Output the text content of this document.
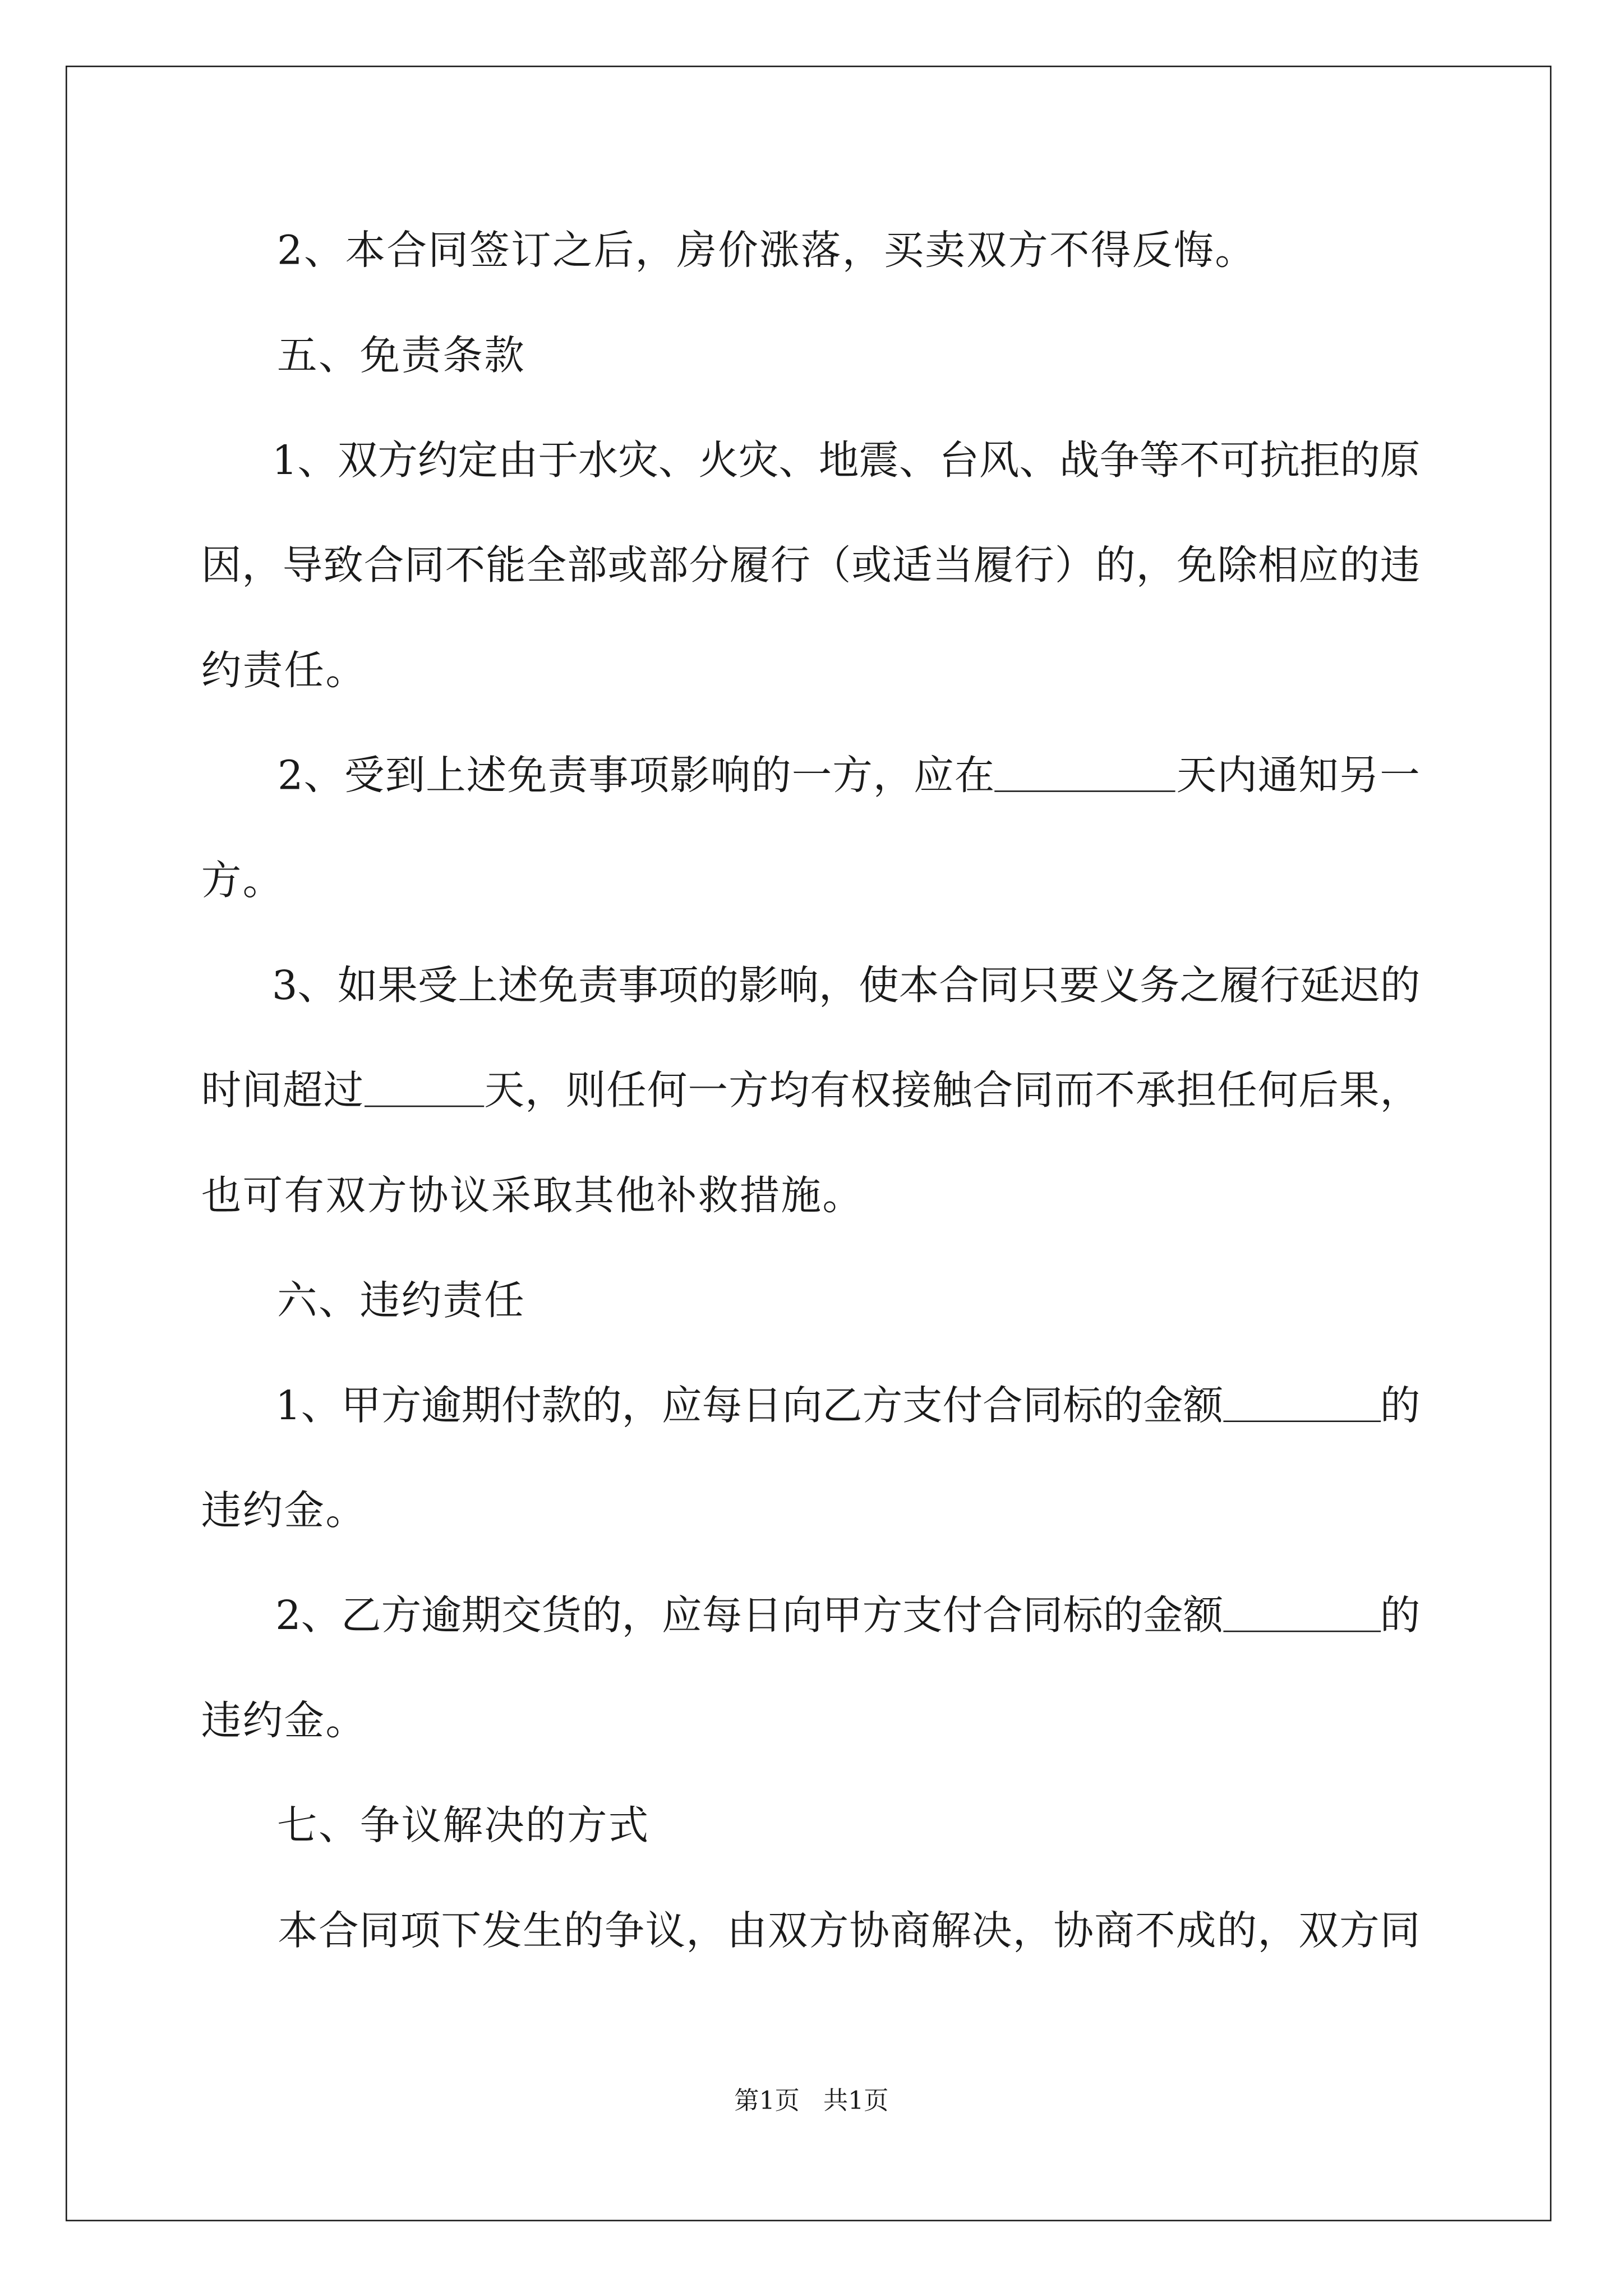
2、本合同签订之后，房价涨落，买卖双方不得反悔。

五、免责条款

1 、 双 方 约 定 由 于 水 灾 、 火 灾 、 地 震 、 台 风 、 战 争 等 不 可 抗 拒 的 原

因 ， 导 致 合 同 不 能 全 部 或 部 分 履 行 （ 或 适 当 履 行 ） 的 ， 免 除 相 应 的 违

约责任。

2 、 受 到 上 述 免 责 事 项 影 响 的 一 方 ， 应 在	天 内 通 知 另 一

方。

3 、 如 果 受 上 述 免 责 事 项 的 影 响 ， 使 本 合 同 只 要 义 务 之 履 行 延 迟 的

时 间 超 过	天 ， 则 任 何 一 方 均 有 权 接 触 合 同 而 不 承 担 任 何 后 果 ，

也可有双方协议采取其他补救措施。

六、违约责任

1 、 甲 方 逾 期 付 款 的 ， 应 每 日 向 乙 方 支 付 合 同 标 的 金 额	的

违约金。

2 、 乙 方 逾 期 交 货 的 ， 应 每 日 向 甲 方 支 付 合 同 标 的 金 额	的

违约金。

七、争议解决的方式

本 合 同 项 下 发 生 的 争 议 ， 由 双 方 协 商 解 决 ， 协 商 不 成 的 ， 双 方 同

第1页   共1页
